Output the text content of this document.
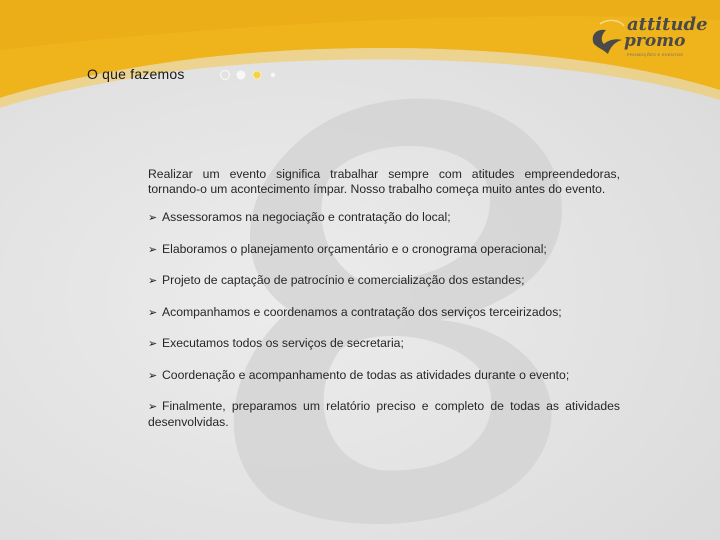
O que fazemos
attitude
promo
PROMOÇÕES E EVENTOS

Realizar um evento significa trabalhar sempre com atitudes empreendedoras, tornando-o um acontecimento ímpar. Nosso trabalho começa muito antes do evento.

➢ Assessoramos na negociação e contratação do local;
➢ Elaboramos o planejamento orçamentário e o cronograma operacional;
➢ Projeto de captação de patrocínio e comercialização dos estandes;
➢ Acompanhamos e coordenamos a contratação dos serviços terceirizados;
➢ Executamos todos os serviços de secretaria;
➢ Coordenação e acompanhamento de todas as atividades durante o evento;
➢ Finalmente, preparamos um relatório preciso e completo de todas as atividades desenvolvidas.
